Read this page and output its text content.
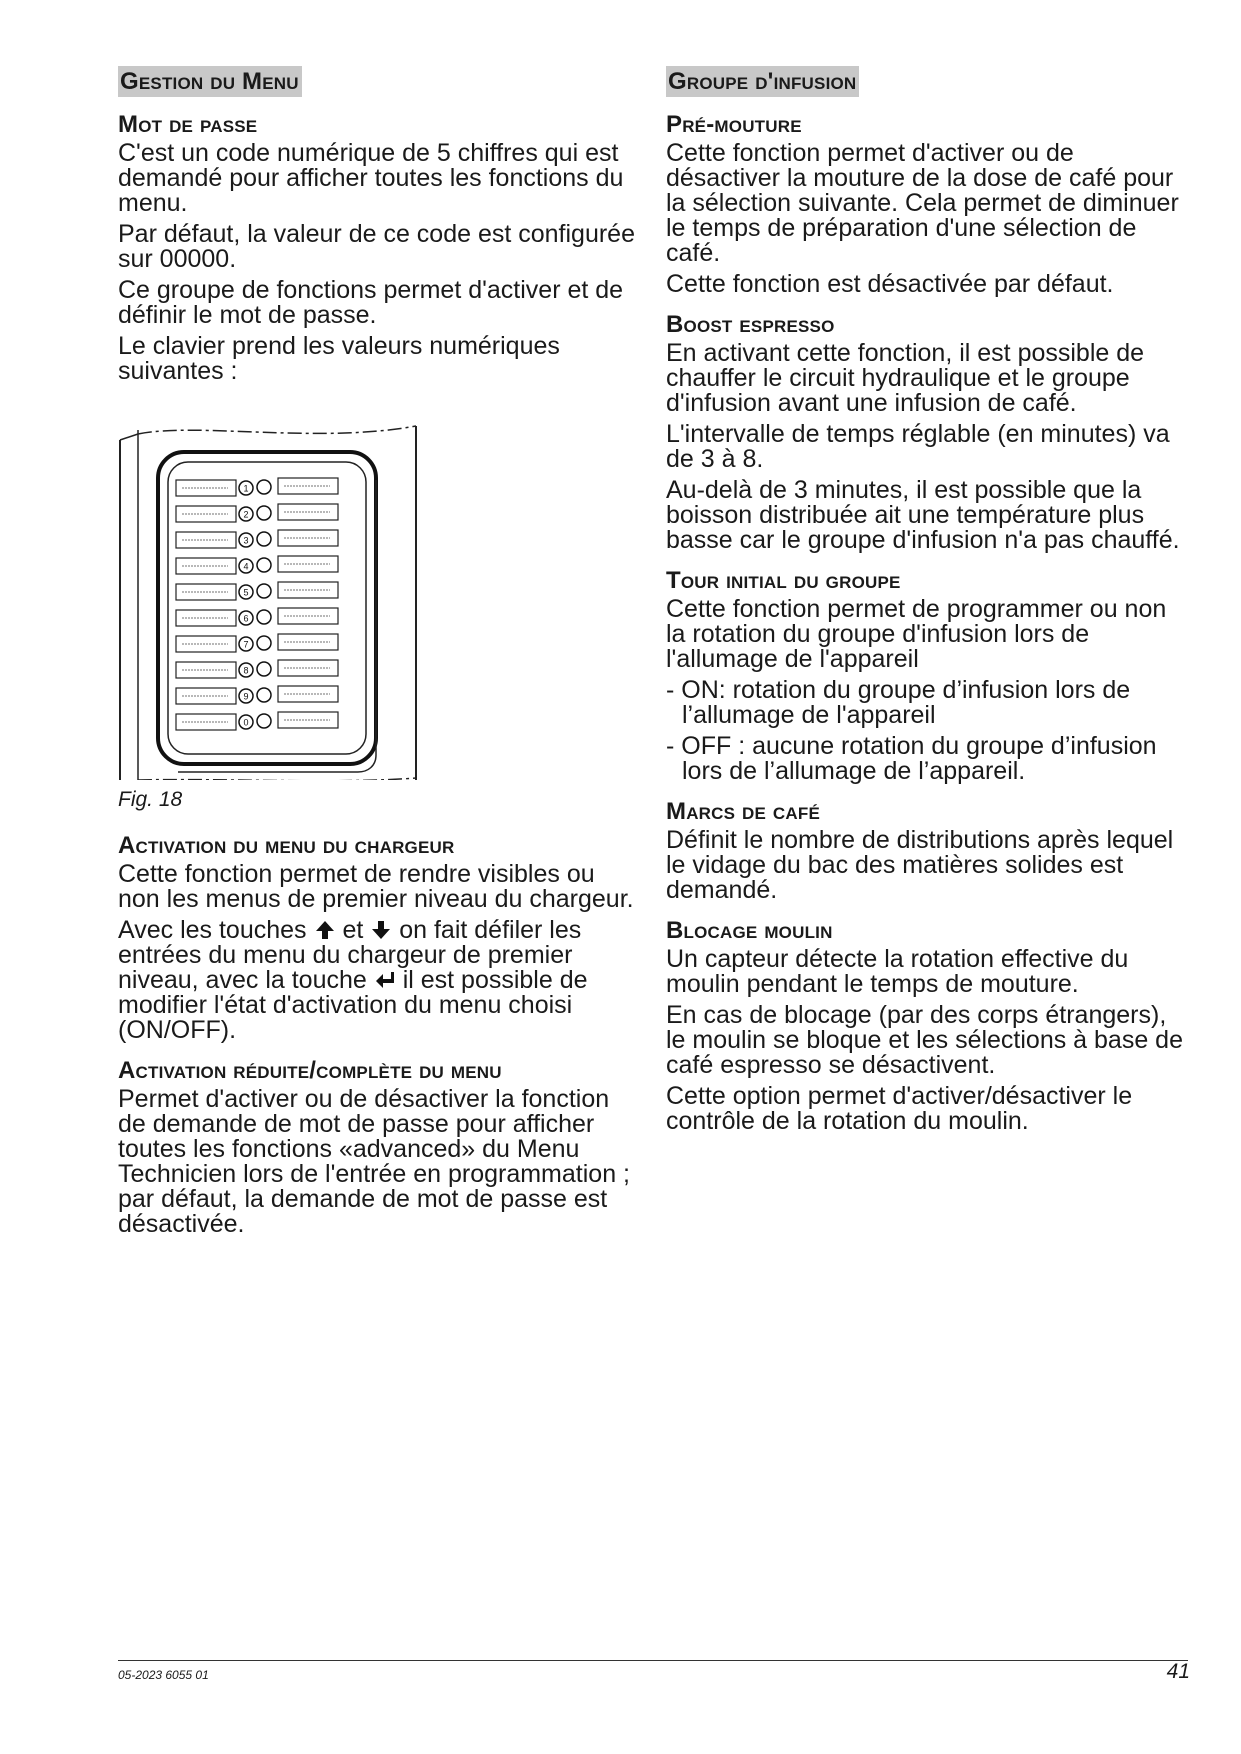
Gestion du Menu
Mot de passe

C'est un code numérique de 5 chiffres qui est demandé pour afficher toutes les fonctions du menu.

Par défaut, la valeur de ce code est configurée sur 00000.

Ce groupe de fonctions permet d'activer et de définir le mot de passe.

Le clavier prend les valeurs numériques suivantes :

1
2
3
4
5
6
7
8
9
0
Fig. 18
Activation du menu du chargeur

Cette fonction permet de rendre visibles ou non les menus de premier niveau du chargeur.

Avec les touches et on fait défiler les entrées du menu du chargeur de premier niveau, avec la touche il est possible de modifier l'état d'activation du menu choisi (ON/OFF).

Activation réduite/complète du menu

Permet d'activer ou de désactiver la fonction de demande de mot de passe pour afficher toutes les fonctions «advanced» du Menu Technicien lors de l'entrée en programmation ; par défaut, la demande de mot de passe est désactivée.

Groupe d'infusion
Pré-mouture

Cette fonction permet d'activer ou de désactiver la mouture de la dose de café pour la sélection suivante. Cela permet de diminuer le temps de préparation d'une sélection de café.

Cette fonction est désactivée par défaut.

Boost espresso

En activant cette fonction, il est possible de chauffer le circuit hydraulique et le groupe d'infusion avant une infusion de café.

L'intervalle de temps réglable (en minutes) va de 3 à 8.

Au-delà de 3 minutes, il est possible que la boisson distribuée ait une température plus basse car le groupe d'infusion n'a pas chauffé.

Tour initial du groupe

Cette fonction permet de programmer ou non la rotation du groupe d'infusion lors de l'allumage de l'appareil

- ON: rotation du groupe d’infusion lors de l’allumage de l'appareil

- OFF : aucune rotation du groupe d’infusion lors de l’allumage de l’appareil.

Marcs de café

Définit le nombre de distributions après lequel le vidage du bac des matières solides est demandé.

Blocage moulin

Un capteur détecte la rotation effective du moulin pendant le temps de mouture.

En cas de blocage (par des corps étrangers), le moulin se bloque et les sélections à base de café espresso se désactivent.

Cette option permet d'activer/désactiver le contrôle de la rotation du moulin.

05-2023 6055 01	41
